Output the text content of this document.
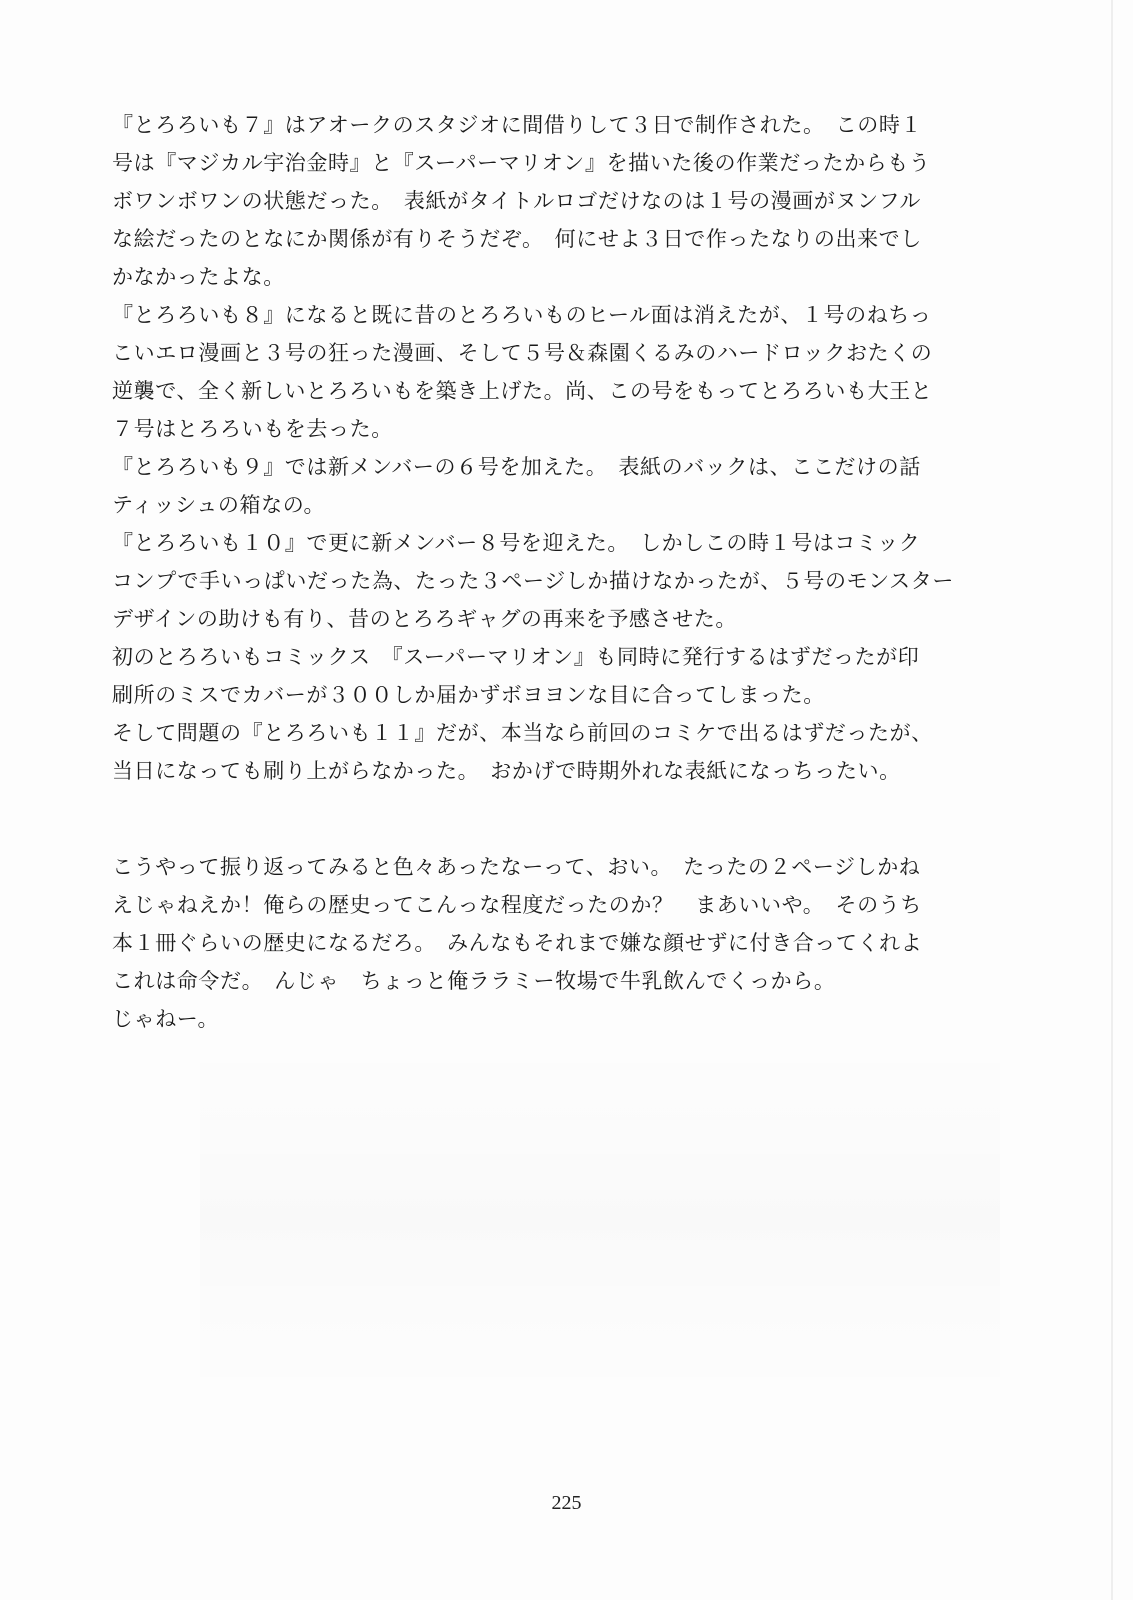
『とろろいも７』はアオークのスタジオに間借りして３日で制作された。　この時１
号は『マジカル宇治金時』と『スーパーマリオン』を描いた後の作業だったからもう
ボワンボワンの状態だった。　表紙がタイトルロゴだけなのは１号の漫画がヌンフル
な絵だったのとなにか関係が有りそうだぞ。　何にせよ３日で作ったなりの出来でし
かなかったよな。
『とろろいも８』になると既に昔のとろろいものヒール面は消えたが、１号のねちっ
こいエロ漫画と３号の狂った漫画、そして５号＆森園くるみのハードロックおたくの
逆襲で、全く新しいとろろいもを築き上げた。尚、この号をもってとろろいも大王と
７号はとろろいもを去った。
『とろろいも９』では新メンバーの６号を加えた。　表紙のバックは、ここだけの話
ティッシュの箱なの。
『とろろいも１０』で更に新メンバー８号を迎えた。　しかしこの時１号はコミック
コンプで手いっぱいだった為、たった３ページしか描けなかったが、５号のモンスター
デザインの助けも有り、昔のとろろギャグの再来を予感させた。
初のとろろいもコミックス　『スーパーマリオン』も同時に発行するはずだったが印
刷所のミスでカバーが３００しか届かずボヨヨンな目に合ってしまった。
そして問題の『とろろいも１１』だが、本当なら前回のコミケで出るはずだったが、
当日になっても刷り上がらなかった。　おかげで時期外れな表紙になっちったい。
こうやって振り返ってみると色々あったなーって、おい。　たったの２ページしかね
えじゃねえか！俺らの歴史ってこんっな程度だったのか？　まあいいや。　そのうち
本１冊ぐらいの歴史になるだろ。　みんなもそれまで嫌な顔せずに付き合ってくれよ
これは命令だ。　んじゃ　ちょっと俺ララミー牧場で牛乳飲んでくっから。
じゃねー。
225
